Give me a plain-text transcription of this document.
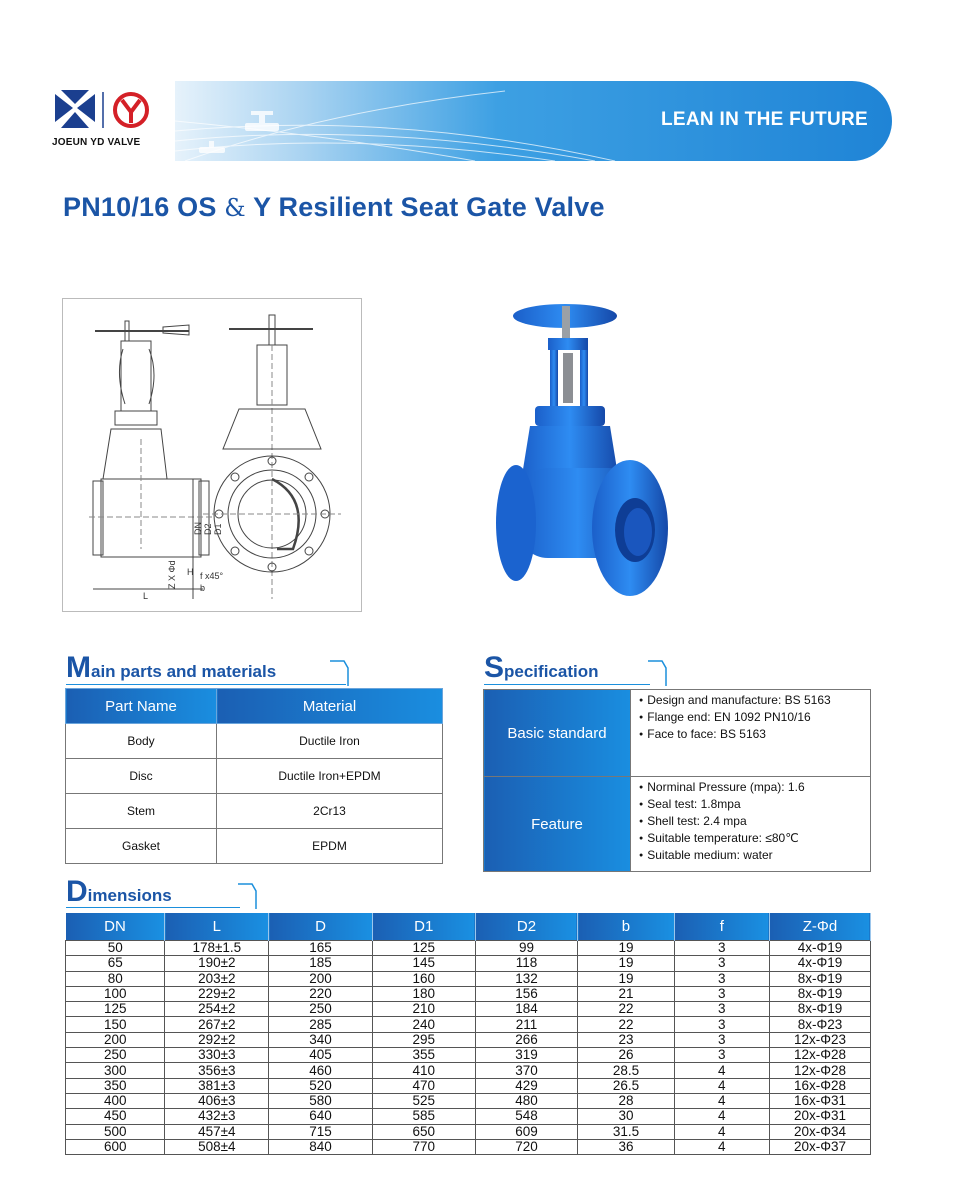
JOEUN YD VALVE
LEAN IN THE FUTURE
PN10/16 OS & Y Resilient Seat Gate Valve
L
DN D2 D1
Z X Φd	f x45°
b
H
Main parts and materials
Part Name	Material
Body	Ductile Iron
Disc	Ductile Iron+EPDM
Stem	2Cr13
Gasket	EPDM
Specification
Basic standard	● Design and manufacture: BS 5163
● Flange end: EN 1092 PN10/16
● Face to face: BS 5163

Feature	● Norminal Pressure (mpa): 1.6
● Seal test: 1.8mpa
● Shell test: 2.4 mpa
● Suitable temperature: ≤80℃
● Suitable medium: water
Dimensions
DN	L	D	D1	D2	b	f	Z-Φd
50	178±1.5	165	125	99	19	3	4x-Φ19
65	190±2	185	145	118	19	3	4x-Φ19
80	203±2	200	160	132	19	3	8x-Φ19
100	229±2	220	180	156	21	3	8x-Φ19
125	254±2	250	210	184	22	3	8x-Φ19
150	267±2	285	240	211	22	3	8x-Φ23
200	292±2	340	295	266	23	3	12x-Φ23
250	330±3	405	355	319	26	3	12x-Φ28
300	356±3	460	410	370	28.5	4	12x-Φ28
350	381±3	520	470	429	26.5	4	16x-Φ28
400	406±3	580	525	480	28	4	16x-Φ31
450	432±3	640	585	548	30	4	20x-Φ31
500	457±4	715	650	609	31.5	4	20x-Φ34
600	508±4	840	770	720	36	4	20x-Φ37
